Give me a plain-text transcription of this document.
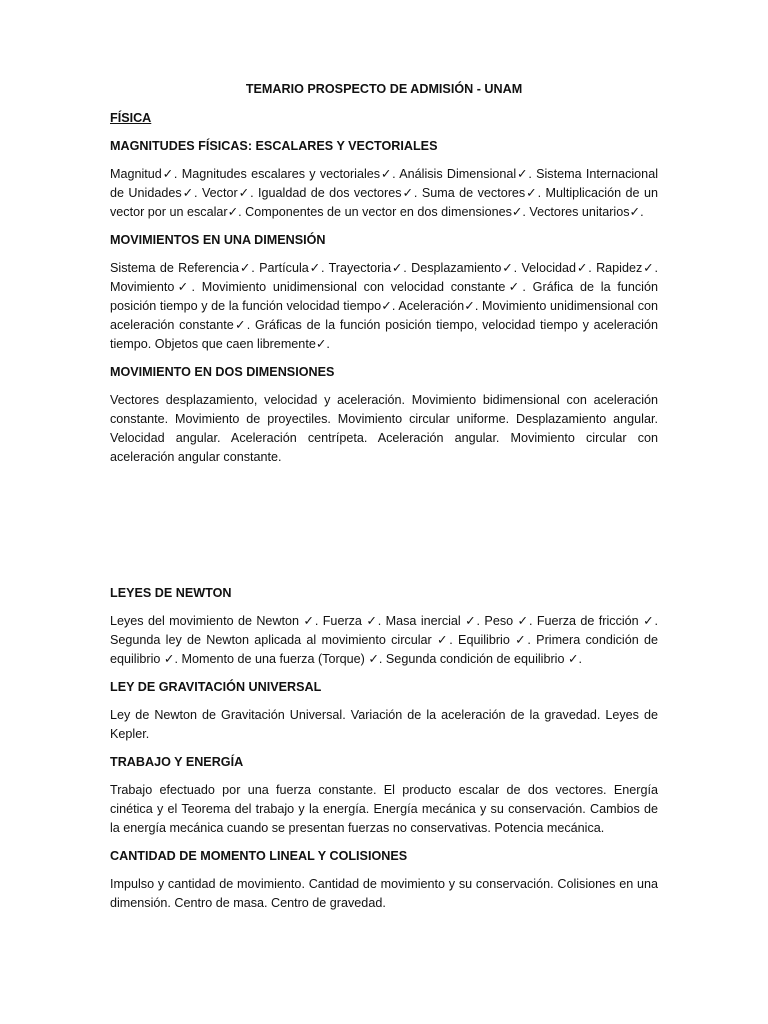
TEMARIO PROSPECTO DE ADMISIÓN - UNAM
FÍSICA
MAGNITUDES FÍSICAS: ESCALARES Y VECTORIALES
Magnitud✓. Magnitudes escalares y vectoriales✓. Análisis Dimensional✓. Sistema Internacional de Unidades✓. Vector✓. Igualdad de dos vectores✓. Suma de vectores✓. Multiplicación de un vector por un escalar✓. Componentes de un vector en dos dimensiones✓. Vectores unitarios✓.
MOVIMIENTOS EN UNA DIMENSIÓN
Sistema de Referencia✓. Partícula✓. Trayectoria✓. Desplazamiento✓. Velocidad✓. Rapidez✓. Movimiento✓. Movimiento unidimensional con velocidad constante✓. Gráfica de la función posición tiempo y de la función velocidad tiempo✓. Aceleración✓. Movimiento unidimensional con aceleración constante✓. Gráficas de la función posición tiempo, velocidad tiempo y aceleración tiempo. Objetos que caen libremente✓.
MOVIMIENTO EN DOS DIMENSIONES
Vectores desplazamiento, velocidad y aceleración. Movimiento bidimensional con aceleración constante. Movimiento de proyectiles. Movimiento circular uniforme. Desplazamiento angular. Velocidad angular. Aceleración centrípeta. Aceleración angular. Movimiento circular con aceleración angular constante.
LEYES DE NEWTON
Leyes del movimiento de Newton ✓. Fuerza ✓. Masa inercial ✓. Peso ✓. Fuerza de fricción ✓. Segunda ley de Newton aplicada al movimiento circular ✓. Equilibrio ✓. Primera condición de equilibrio ✓. Momento de una fuerza (Torque) ✓. Segunda condición de equilibrio ✓.
LEY DE GRAVITACIÓN UNIVERSAL
Ley de Newton de Gravitación Universal. Variación de la aceleración de la gravedad. Leyes de Kepler.
TRABAJO Y ENERGÍA
Trabajo efectuado por una fuerza constante. El producto escalar de dos vectores. Energía cinética y el Teorema del trabajo y la energía. Energía mecánica y su conservación. Cambios de la energía mecánica cuando se presentan fuerzas no conservativas. Potencia mecánica.
CANTIDAD DE MOMENTO LINEAL Y COLISIONES
Impulso y cantidad de movimiento. Cantidad de movimiento y su conservación. Colisiones en una dimensión. Centro de masa. Centro de gravedad.
